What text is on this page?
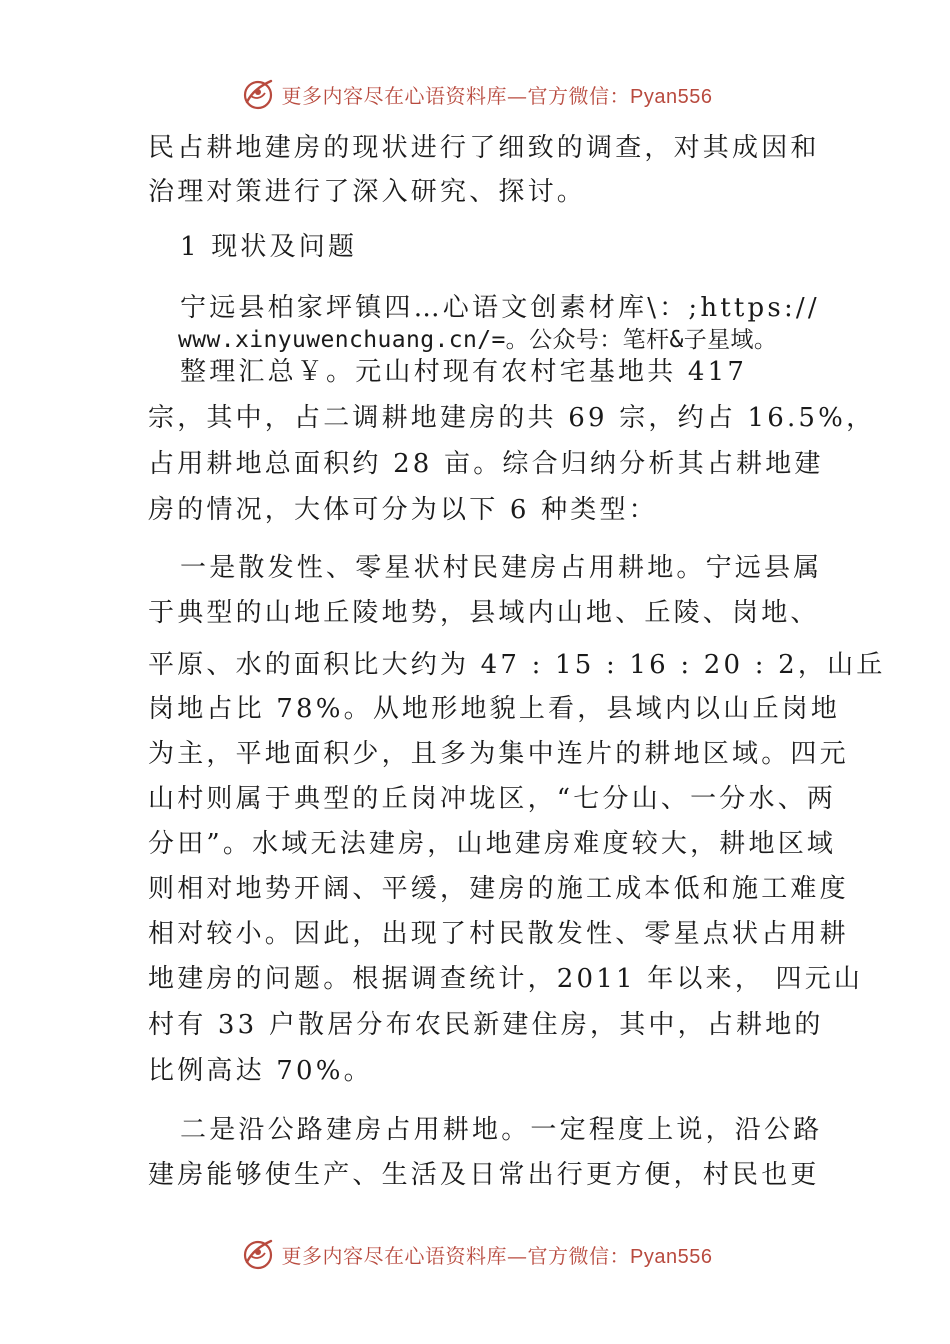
更多内容尽在心语资料库—官方微信：Pyan556
民占耕地建房的现状进行了细致的调查，对其成因和
治理对策进行了深入研究、探讨。
1 现状及问题
宁远县柏家坪镇四…心语文创素材库\：;https://
www.xinyuwenchuang.cn/=。公众号：笔杆&子星域。
整理汇总￥。元山村现有农村宅基地共 417
宗，其中，占二调耕地建房的共 69 宗，约占 16.5%，
占用耕地总面积约 28 亩。综合归纳分析其占耕地建
房的情况，大体可分为以下 6 种类型：
一是散发性、零星状村民建房占用耕地。宁远县属
于典型的山地丘陵地势，县域内山地、丘陵、岗地、
平原、水的面积比大约为 47 : 15 : 16 : 20 : 2，山丘
岗地占比 78%。从地形地貌上看，县域内以山丘岗地
为主，平地面积少，且多为集中连片的耕地区域。四元
山村则属于典型的丘岗冲垅区，“七分山、一分水、两
分田”。水域无法建房，山地建房难度较大，耕地区域
则相对地势开阔、平缓，建房的施工成本低和施工难度
相对较小。因此，出现了村民散发性、零星点状占用耕
地建房的问题。根据调查统计，2011 年以来， 四元山
村有 33 户散居分布农民新建住房，其中，占耕地的
比例高达 70%。
二是沿公路建房占用耕地。一定程度上说，沿公路
建房能够使生产、生活及日常出行更方便，村民也更
更多内容尽在心语资料库—官方微信：Pyan556
